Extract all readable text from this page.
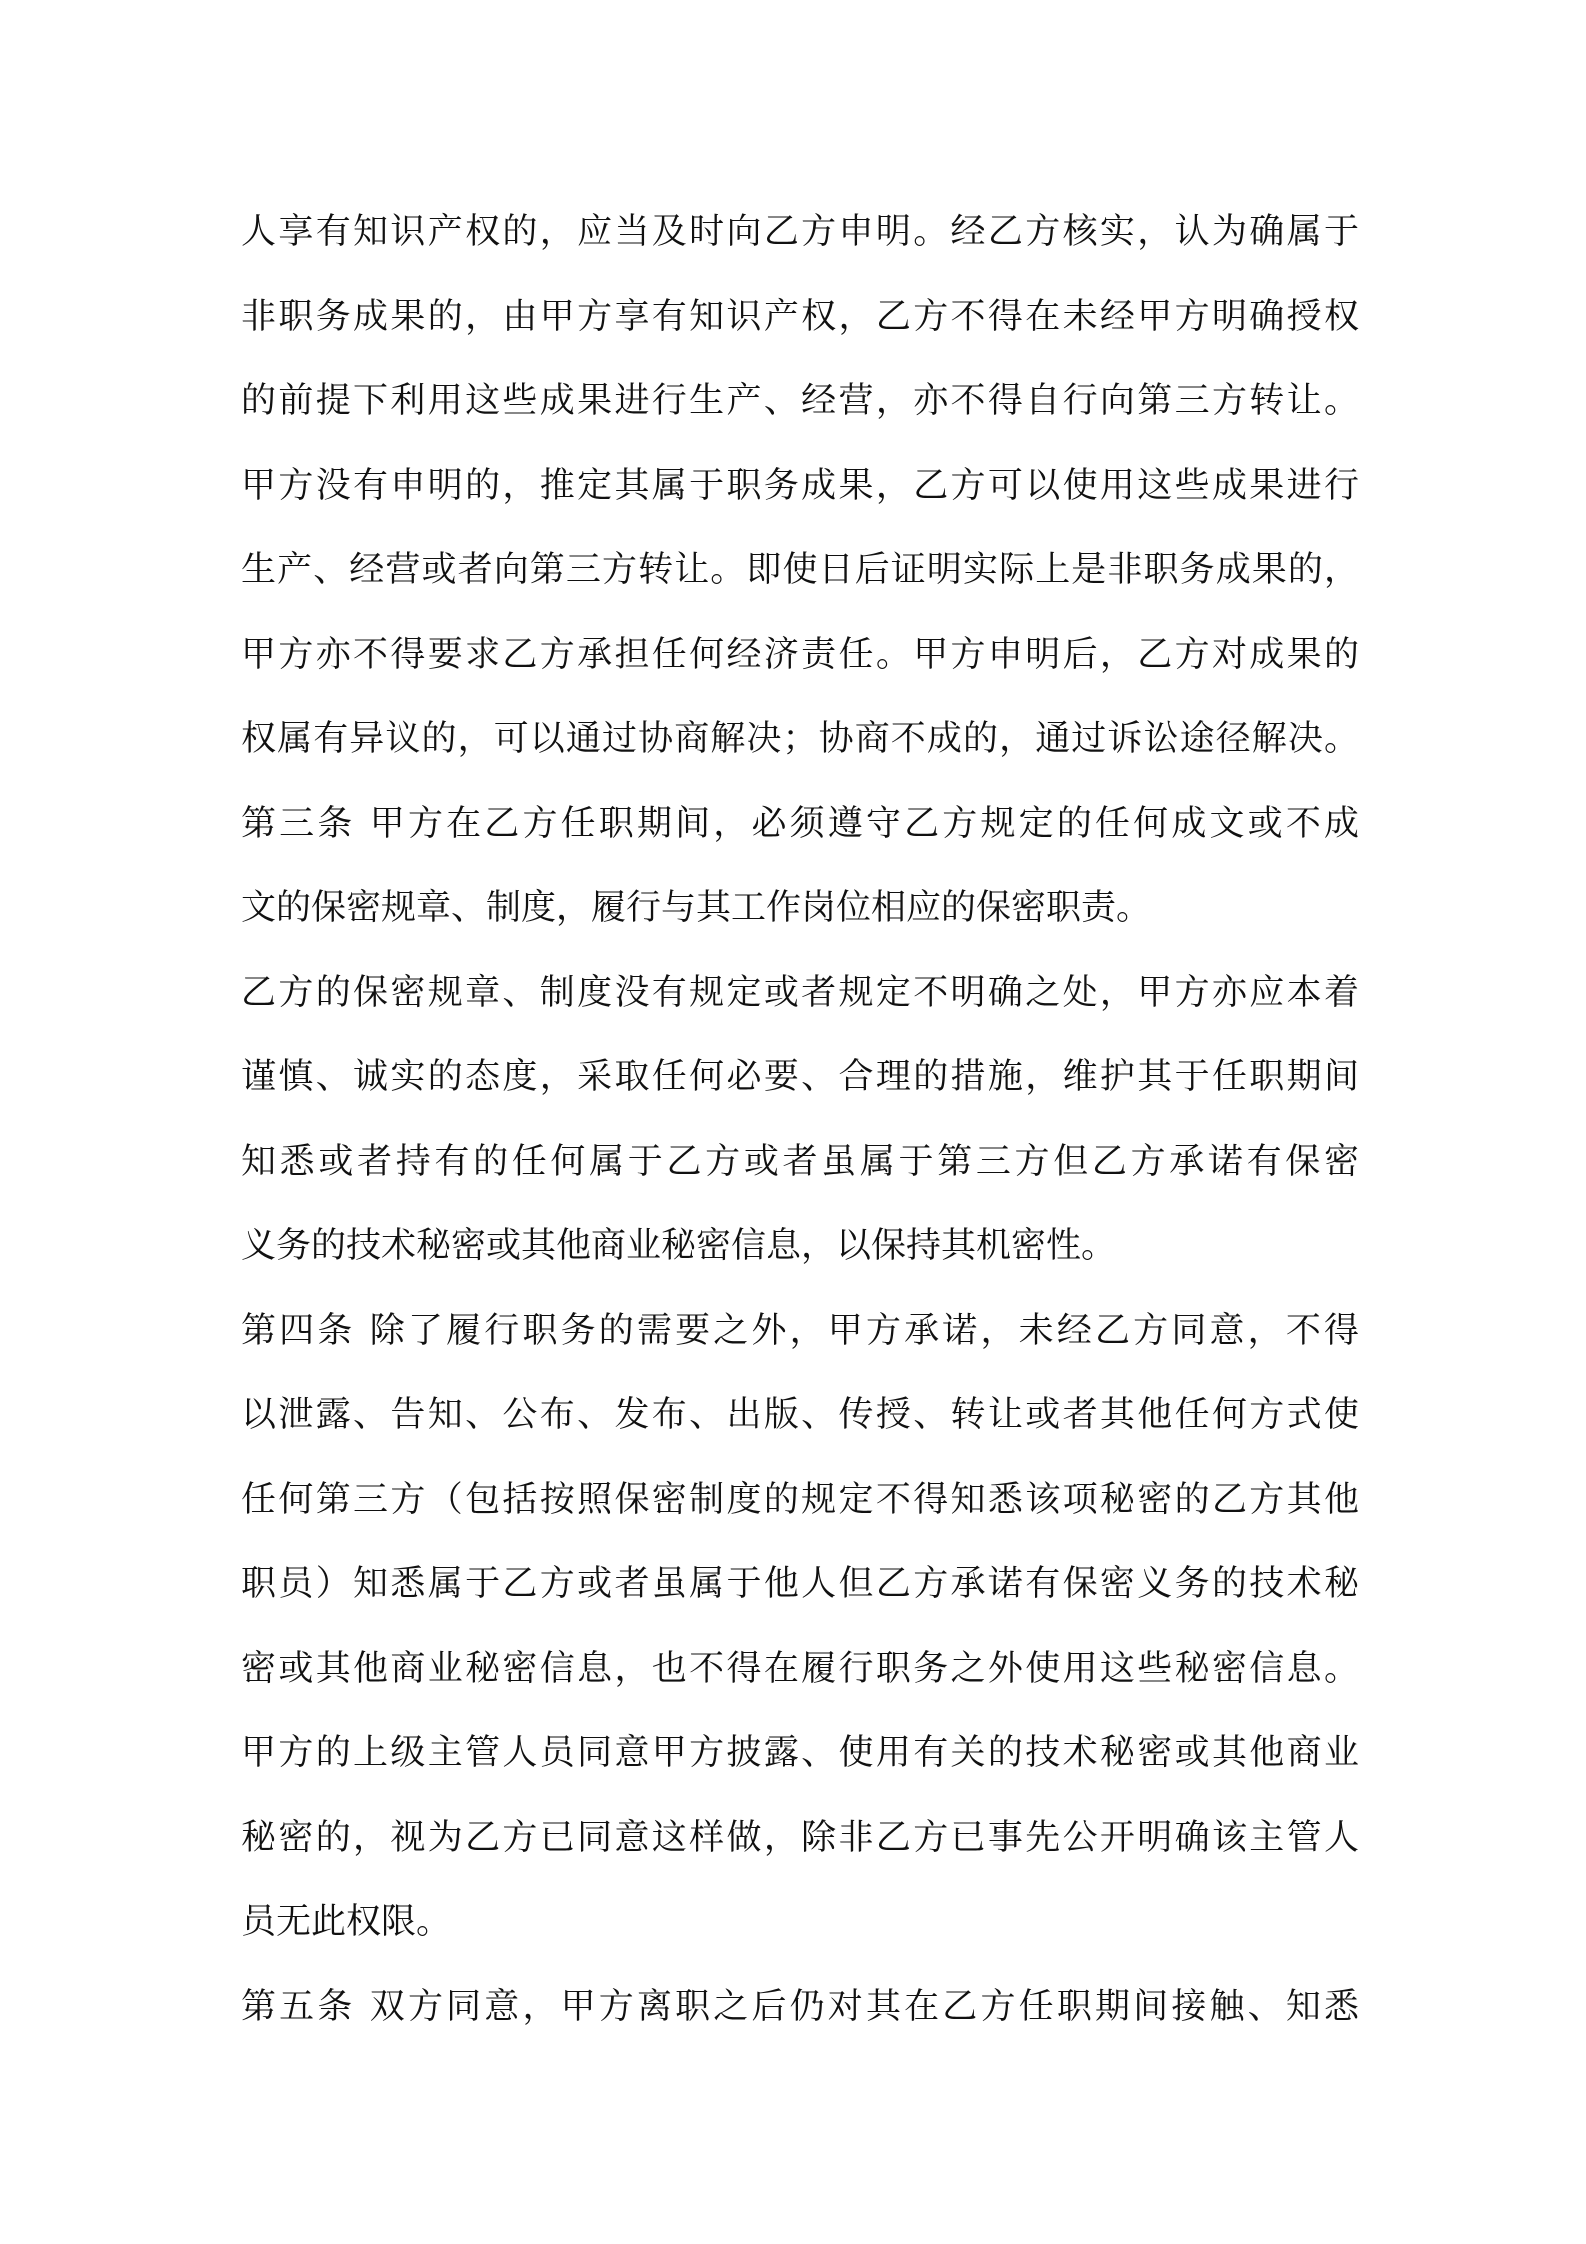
人享有知识产权的，应当及时向乙方申明。经乙方核实，认为确属于
非职务成果的，由甲方享有知识产权，乙方不得在未经甲方明确授权
的前提下利用这些成果进行生产、经营，亦不得自行向第三方转让。
甲方没有申明的，推定其属于职务成果，乙方可以使用这些成果进行
生产、经营或者向第三方转让。即使日后证明实际上是非职务成果的，
甲方亦不得要求乙方承担任何经济责任。甲方申明后，乙方对成果的
权属有异议的，可以通过协商解决；协商不成的，通过诉讼途径解决。
第三条 甲方在乙方任职期间，必须遵守乙方规定的任何成文或不成
文的保密规章、制度，履行与其工作岗位相应的保密职责。
乙方的保密规章、制度没有规定或者规定不明确之处，甲方亦应本着
谨慎、诚实的态度，采取任何必要、合理的措施，维护其于任职期间
知悉或者持有的任何属于乙方或者虽属于第三方但乙方承诺有保密
义务的技术秘密或其他商业秘密信息，以保持其机密性。
第四条 除了履行职务的需要之外，甲方承诺，未经乙方同意，不得
以泄露、告知、公布、发布、出版、传授、转让或者其他任何方式使
任何第三方（包括按照保密制度的规定不得知悉该项秘密的乙方其他
职员）知悉属于乙方或者虽属于他人但乙方承诺有保密义务的技术秘
密或其他商业秘密信息，也不得在履行职务之外使用这些秘密信息。
甲方的上级主管人员同意甲方披露、使用有关的技术秘密或其他商业
秘密的，视为乙方已同意这样做，除非乙方已事先公开明确该主管人
员无此权限。
第五条 双方同意，甲方离职之后仍对其在乙方任职期间接触、知悉
